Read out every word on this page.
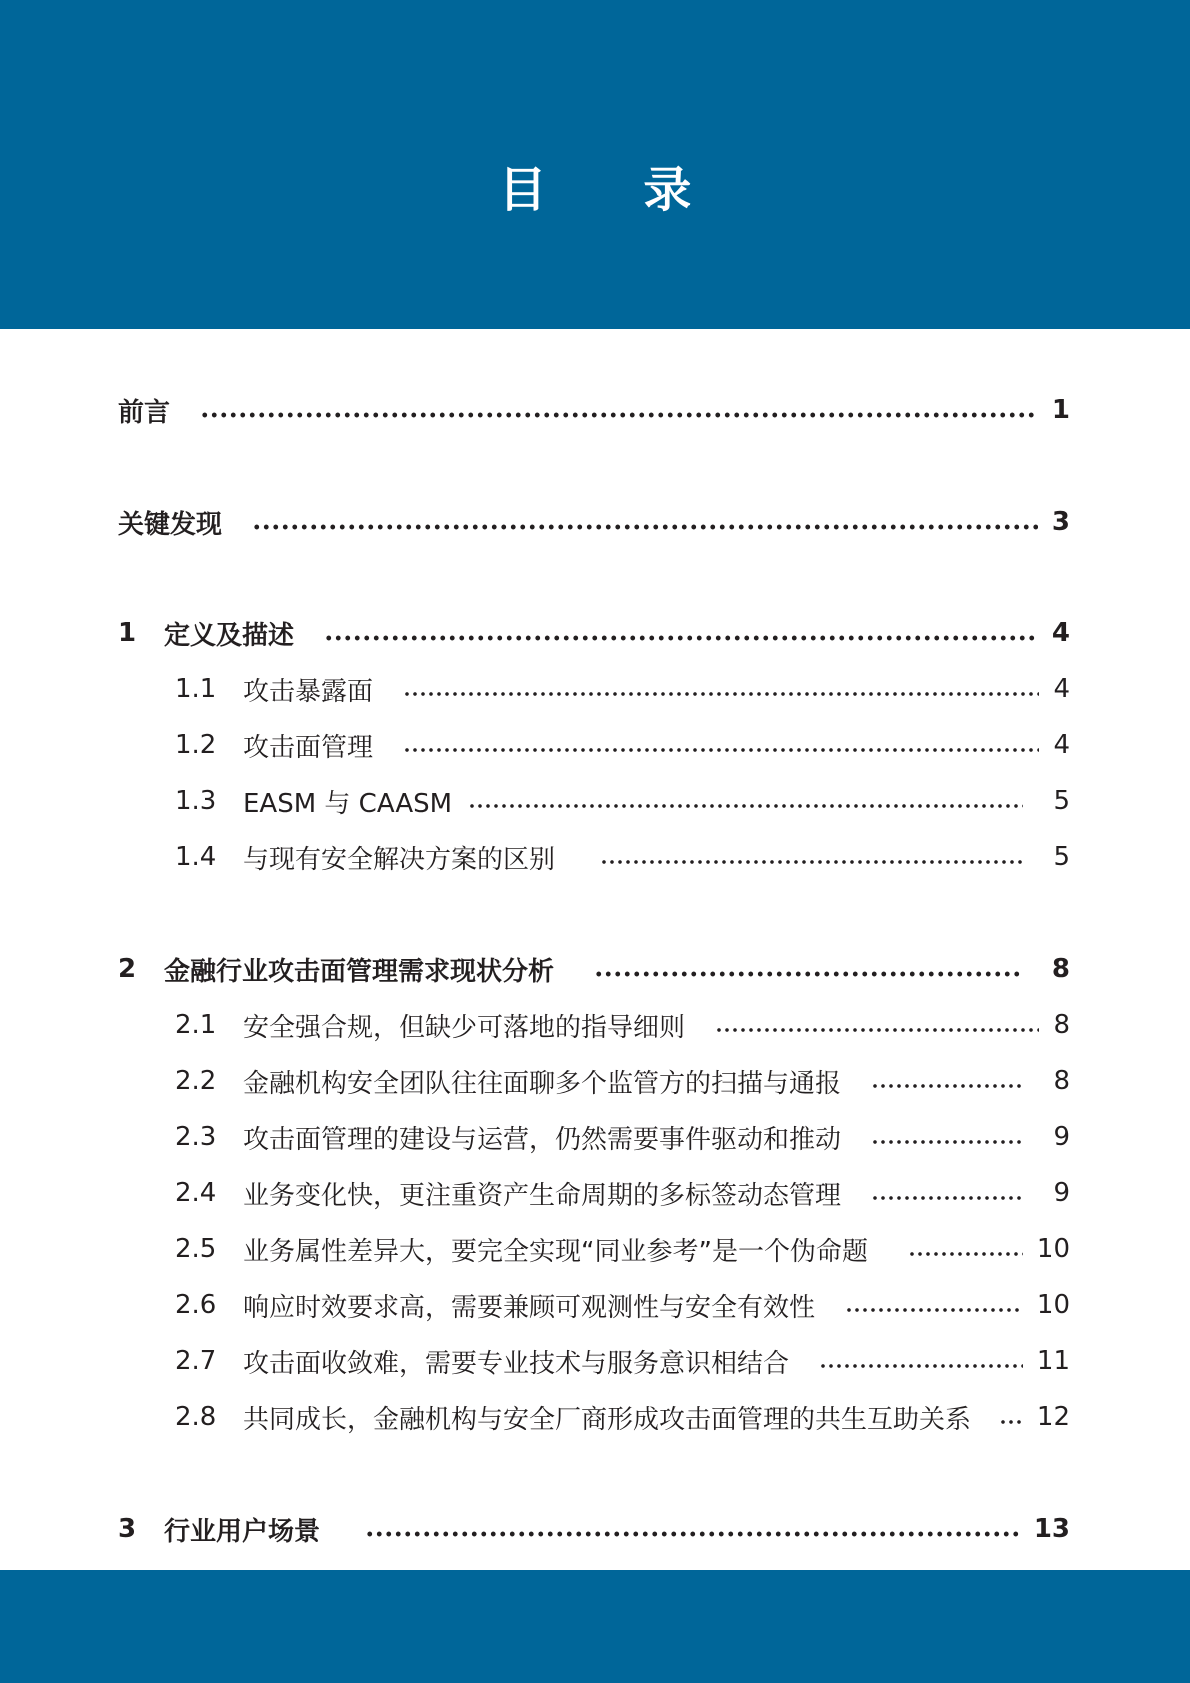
目 录
前言	1
关键发现	3
1	定义及描述	4
1.1	攻击暴露面	4
1.2	攻击面管理	4
1.3	EASM 与 CAASM	5
1.4	与现有安全解决方案的区别	5
2	金融行业攻击面管理需求现状分析	8
2.1	安全强合规，但缺少可落地的指导细则	8
2.2	金融机构安全团队往往面聊多个监管方的扫描与通报	8
2.3	攻击面管理的建设与运营，仍然需要事件驱动和推动	9
2.4	业务变化快，更注重资产生命周期的多标签动态管理	9
2.5	业务属性差异大，要完全实现“同业参考”是一个伪命题	10
2.6	响应时效要求高，需要兼顾可观测性与安全有效性	10
2.7	攻击面收敛难，需要专业技术与服务意识相结合	11
2.8	共同成长，金融机构与安全厂商形成攻击面管理的共生互助关系	12
3	行业用户场景	13
